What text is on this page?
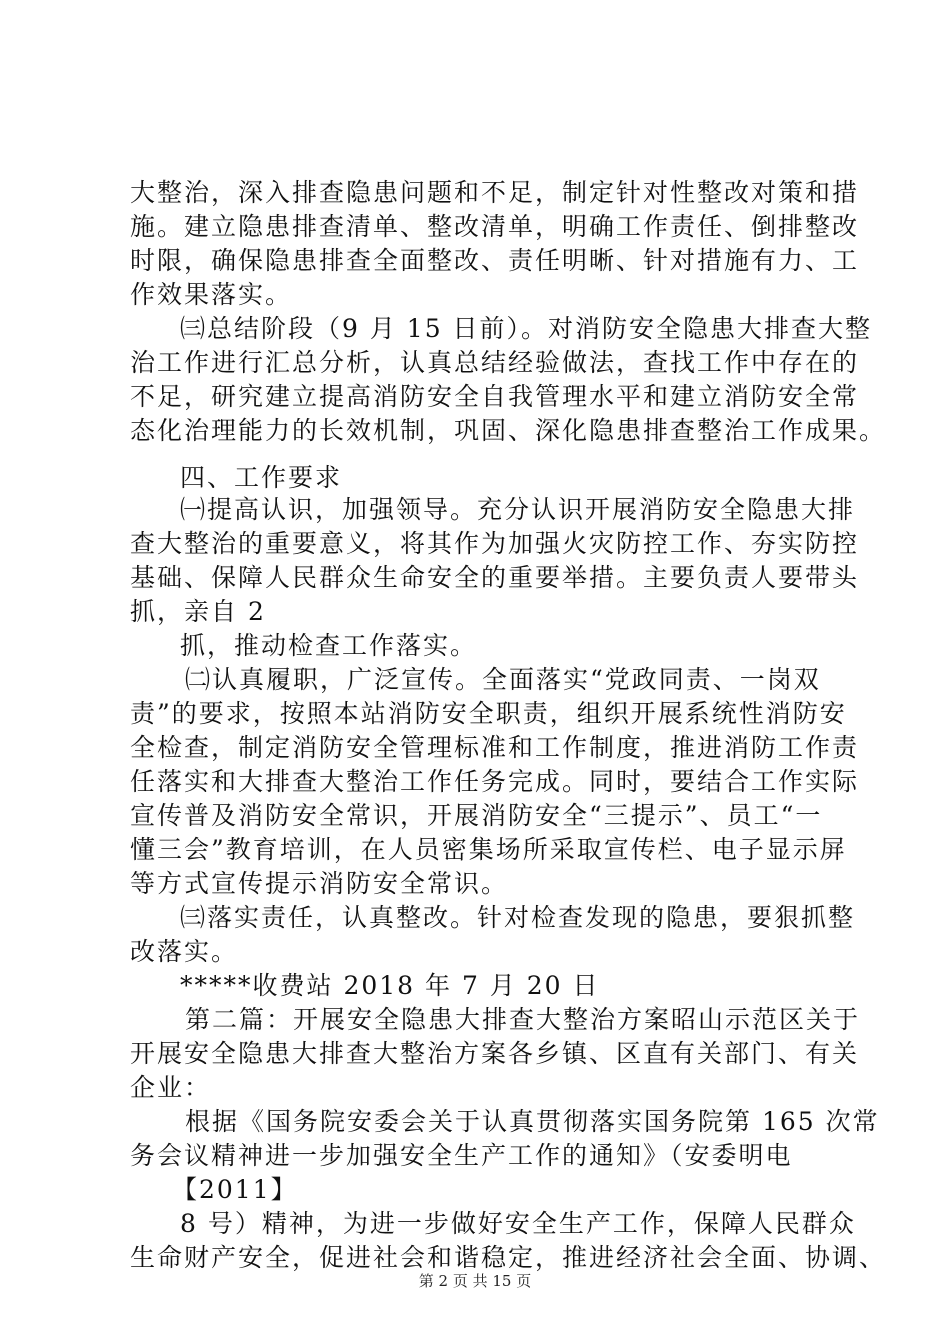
大整治，深入排查隐患问题和不足，制定针对性整改对策和措
施。建立隐患排查清单、整改清单，明确工作责任、倒排整改
时限，确保隐患排查全面整改、责任明晰、针对措施有力、工
作效果落实。
㈢总结阶段（9 月 15 日前）。对消防安全隐患大排查大整
治工作进行汇总分析，认真总结经验做法，查找工作中存在的
不足，研究建立提高消防安全自我管理水平和建立消防安全常
态化治理能力的长效机制，巩固、深化隐患排查整治工作成果。
四、工作要求
㈠提高认识，加强领导。充分认识开展消防安全隐患大排
查大整治的重要意义，将其作为加强火灾防控工作、夯实防控
基础、保障人民群众生命安全的重要举措。主要负责人要带头
抓，亲自 2
抓，推动检查工作落实。
㈡认真履职，广泛宣传。全面落实“党政同责、一岗双
责”的要求，按照本站消防安全职责，组织开展系统性消防安
全检查，制定消防安全管理标准和工作制度，推进消防工作责
任落实和大排查大整治工作任务完成。同时，要结合工作实际
宣传普及消防安全常识，开展消防安全“三提示”、员工“一
懂三会”教育培训，在人员密集场所采取宣传栏、电子显示屏
等方式宣传提示消防安全常识。
㈢落实责任，认真整改。针对检查发现的隐患，要狠抓整
改落实。
*****收费站 2018 年 7 月 20 日
第二篇：开展安全隐患大排查大整治方案昭山示范区关于
开展安全隐患大排查大整治方案各乡镇、区直有关部门、有关
企业：
根据《国务院安委会关于认真贯彻落实国务院第 165 次常
务会议精神进一步加强安全生产工作的通知》（安委明电
【2011】
8 号）精神，为进一步做好安全生产工作，保障人民群众
生命财产安全，促进社会和谐稳定，推进经济社会全面、协调、
第 2 页 共 15 页
